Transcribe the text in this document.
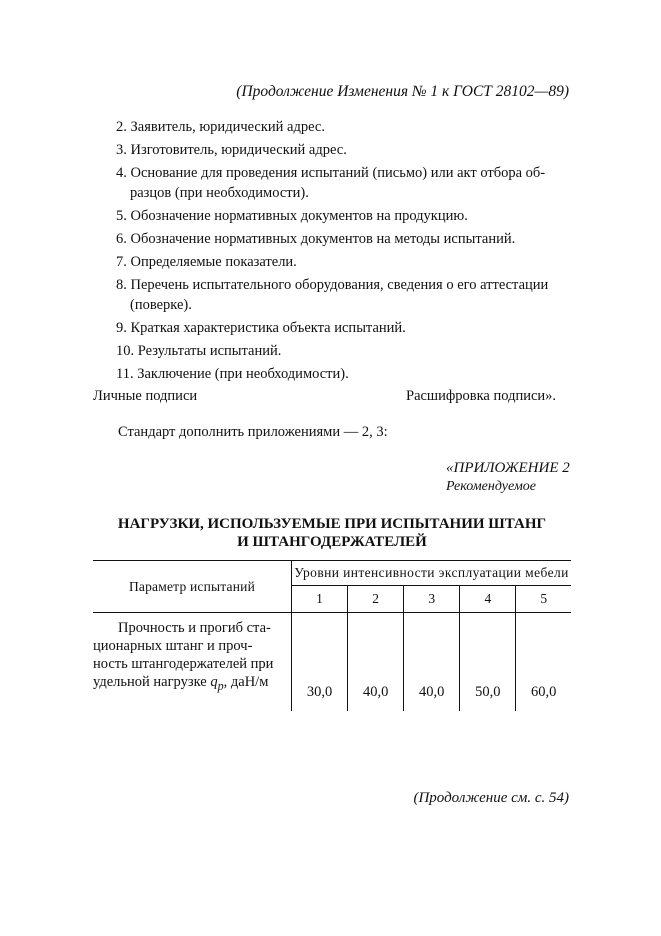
(Продолжение Изменения № 1 к ГОСТ 28102—89)
2. Заявитель, юридический адрес.
3. Изготовитель, юридический адрес.
4. Основание для проведения испытаний (письмо) или акт отбора об-
разцов (при необходимости).
5. Обозначение нормативных документов на продукцию.
6. Обозначение нормативных документов на методы испытаний.
7. Определяемые показатели.
8. Перечень испытательного оборудования, сведения о его аттестации
(поверке).
9. Краткая характеристика объекта испытаний.
10. Результаты испытаний.
11. Заключение (при необходимости).
Личные подписи	Расшифровка подписи».
Стандарт дополнить приложениями — 2, 3:
«ПРИЛОЖЕНИЕ 2
Рекомендуемое
НАГРУЗКИ, ИСПОЛЬЗУЕМЫЕ ПРИ ИСПЫТАНИИ ШТАНГ
И ШТАНГОДЕРЖАТЕЛЕЙ
Параметр испытаний	Уровни интенсивности эксплуатации мебели				
	1	2	3	4	5

Прочность и прогиб ста-
ционарных штанг и проч-
ность штангодержателей при
удельной нагрузке $q_р$, даН/м	30,0	40,0	40,0	50,0	60,0
(Продолжение см. с. 54)
